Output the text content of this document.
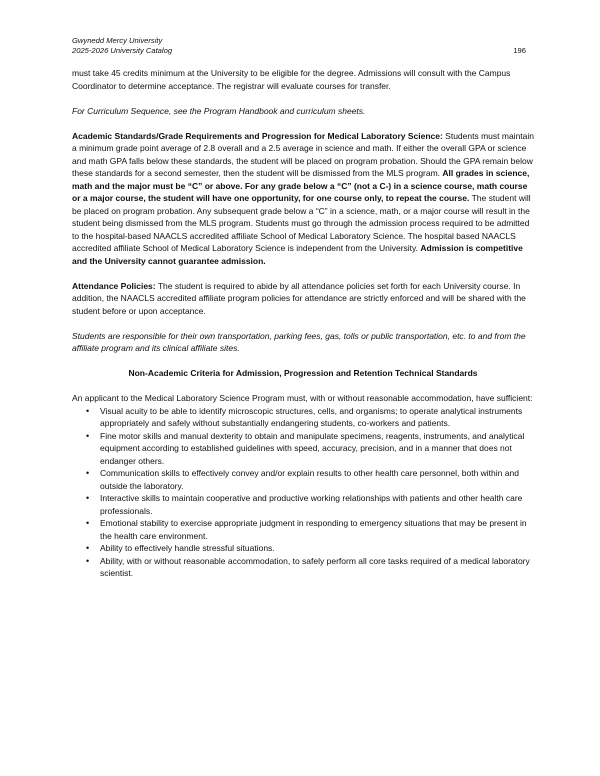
Gwynedd Mercy University
2025-2026 University Catalog	196

must take 45 credits minimum at the University to be eligible for the degree. Admissions will consult with the Campus Coordinator to determine acceptance. The registrar will evaluate courses for transfer.

For Curriculum Sequence, see the Program Handbook and curriculum sheets.

Academic Standards/Grade Requirements and Progression for Medical Laboratory Science: Students must maintain a minimum grade point average of 2.8 overall and a 2.5 average in science and math. If either the overall GPA or science and math GPA falls below these standards, the student will be placed on program probation. Should the GPA remain below these standards for a second semester, then the student will be dismissed from the MLS program. All grades in science, math and the major must be “C” or above. For any grade below a “C” (not a C-) in a science course, math course or a major course, the student will have one opportunity, for one course only, to repeat the course. The student will be placed on program probation. Any subsequent grade below a “C” in a science, math, or a major course will result in the student being dismissed from the MLS program. Students must go through the admission process required to be admitted to the hospital-based NAACLS accredited affiliate School of Medical Laboratory Science. The hospital based NAACLS accredited affiliate School of Medical Laboratory Science is independent from the University. Admission is competitive and the University cannot guarantee admission.

Attendance Policies: The student is required to abide by all attendance policies set forth for each University course. In addition, the NAACLS accredited affiliate program policies for attendance are strictly enforced and will be shared with the student before or upon acceptance.

Students are responsible for their own transportation, parking fees, gas, tolls or public transportation, etc. to and from the affiliate program and its clinical affiliate sites.

Non-Academic Criteria for Admission, Progression and Retention Technical Standards

An applicant to the Medical Laboratory Science Program must, with or without reasonable accommodation, have sufficient:

• Visual acuity to be able to identify microscopic structures, cells, and organisms; to operate analytical instruments appropriately and safely without substantially endangering students, co-workers and patients.
• Fine motor skills and manual dexterity to obtain and manipulate specimens, reagents, instruments, and analytical equipment according to established guidelines with speed, accuracy, precision, and in a manner that does not endanger others.
• Communication skills to effectively convey and/or explain results to other health care personnel, both within and outside the laboratory.
• Interactive skills to maintain cooperative and productive working relationships with patients and other health care professionals.
• Emotional stability to exercise appropriate judgment in responding to emergency situations that may be present in the health care environment.
• Ability to effectively handle stressful situations.
• Ability, with or without reasonable accommodation, to safely perform all core tasks required of a medical laboratory scientist.
